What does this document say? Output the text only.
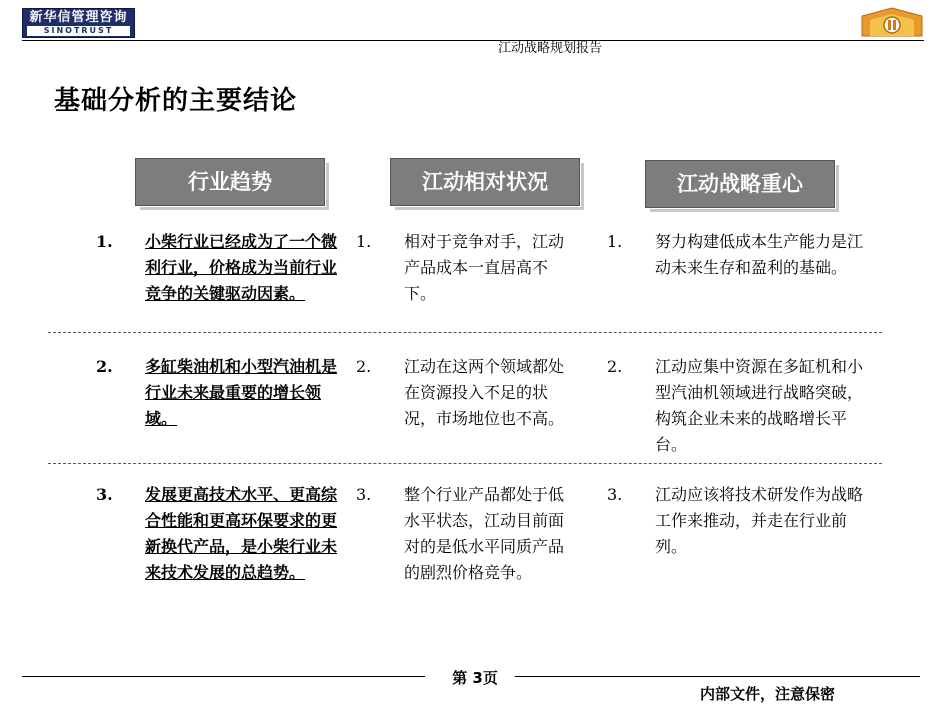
新华信管理咨询
SINOTRUST
江动战略规划报告
基础分析的主要结论
行业趋势	江动相对状况	江动战略重心
1. 小柴行业已经成为了一个微利行业，价格成为当前行业竞争的关键驱动因素。
1. 相对于竞争对手，江动产品成本一直居高不下。
1. 努力构建低成本生产能力是江动未来生存和盈利的基础。
2. 多缸柴油机和小型汽油机是行业未来最重要的增长领域。
2. 江动在这两个领域都处在资源投入不足的状况，市场地位也不高。
2. 江动应集中资源在多缸机和小型汽油机领域进行战略突破，构筑企业未来的战略增长平台。
3. 发展更高技术水平、更高综合性能和更高环保要求的更新换代产品，是小柴行业未来技术发展的总趋势。
3. 整个行业产品都处于低水平状态，江动目前面对的是低水平同质产品的剧烈价格竞争。
3. 江动应该将技术研发作为战略工作来推动，并走在行业前列。
第 3页
内部文件，注意保密
